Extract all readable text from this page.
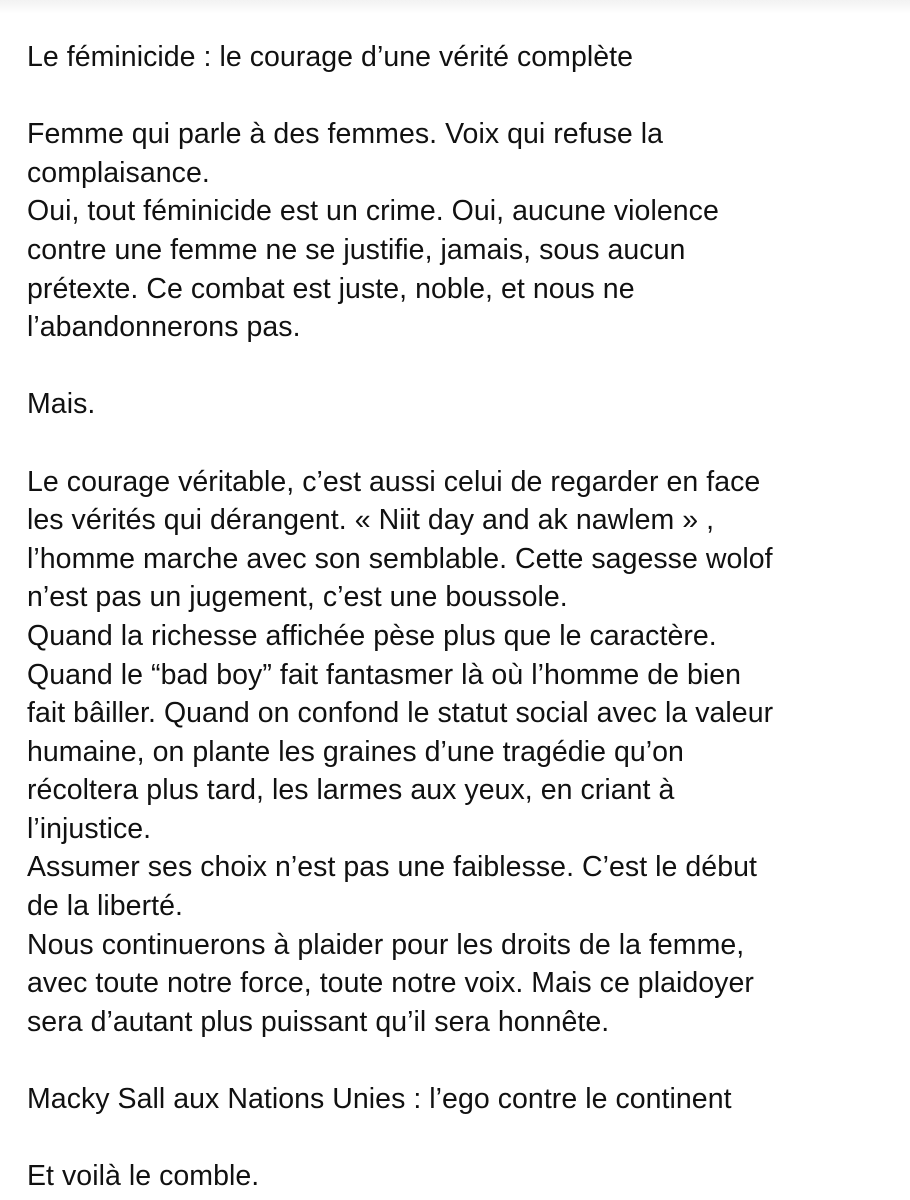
Le féminicide : le courage d’une vérité complète
Femme qui parle à des femmes. Voix qui refuse la
complaisance.
Oui, tout féminicide est un crime. Oui, aucune violence
contre une femme ne se justifie, jamais, sous aucun
prétexte. Ce combat est juste, noble, et nous ne
l’abandonnerons pas.
Mais.
Le courage véritable, c’est aussi celui de regarder en face
les vérités qui dérangent. « Niit day and ak nawlem » ,
l’homme marche avec son semblable. Cette sagesse wolof
n’est pas un jugement, c’est une boussole.
Quand la richesse affichée pèse plus que le caractère.
Quand le “bad boy” fait fantasmer là où l’homme de bien
fait bâiller. Quand on confond le statut social avec la valeur
humaine, on plante les graines d’une tragédie qu’on
récoltera plus tard, les larmes aux yeux, en criant à
l’injustice.
Assumer ses choix n’est pas une faiblesse. C’est le début
de la liberté.
Nous continuerons à plaider pour les droits de la femme,
avec toute notre force, toute notre voix. Mais ce plaidoyer
sera d’autant plus puissant qu’il sera honnête.
Macky Sall aux Nations Unies : l’ego contre le continent
Et voilà le comble.
